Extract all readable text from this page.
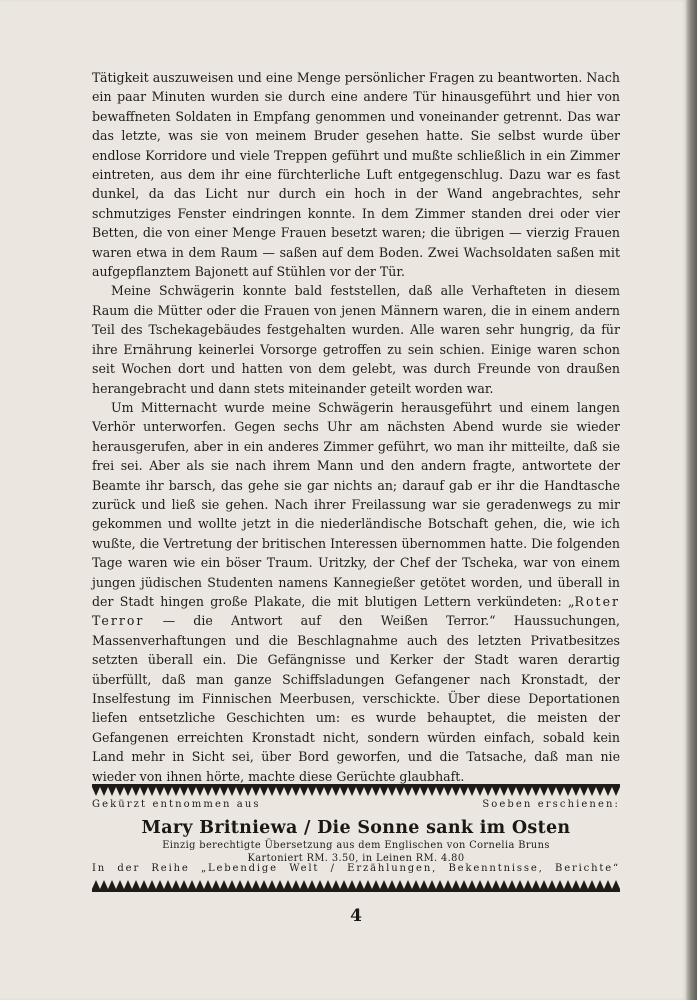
Tätigkeit auszuweisen und eine Menge persönlicher Fragen zu beantworten. Nach ein paar Minuten wurden sie durch eine andere Tür hinausgeführt und hier von bewaffneten Soldaten in Empfang genommen und voneinander getrennt. Das war das letzte, was sie von meinem Bruder gesehen hatte. Sie selbst wurde über endlose Korridore und viele Treppen geführt und mußte schließlich in ein Zimmer eintreten, aus dem ihr eine fürchterliche Luft entgegenschlug. Dazu war es fast dunkel, da das Licht nur durch ein hoch in der Wand angebrachtes, sehr schmutziges Fenster eindringen konnte. In dem Zimmer standen drei oder vier Betten, die von einer Menge Frauen besetzt waren; die übrigen — vierzig Frauen waren etwa in dem Raum — saßen auf dem Boden. Zwei Wachsoldaten saßen mit aufgepflanztem Bajonett auf Stühlen vor der Tür.

Meine Schwägerin konnte bald feststellen, daß alle Verhafteten in diesem Raum die Mütter oder die Frauen von jenen Männern waren, die in einem andern Teil des Tschekagebäudes festgehalten wurden. Alle waren sehr hungrig, da für ihre Ernährung keinerlei Vorsorge getroffen zu sein schien. Einige waren schon seit Wochen dort und hatten von dem gelebt, was durch Freunde von draußen herangebracht und dann stets miteinander geteilt worden war.

Um Mitternacht wurde meine Schwägerin herausgeführt und einem langen Verhör unterworfen. Gegen sechs Uhr am nächsten Abend wurde sie wieder herausgerufen, aber in ein anderes Zimmer geführt, wo man ihr mitteilte, daß sie frei sei. Aber als sie nach ihrem Mann und den andern fragte, antwortete der Beamte ihr barsch, das gehe sie gar nichts an; darauf gab er ihr die Handtasche zurück und ließ sie gehen. Nach ihrer Freilassung war sie geradenwegs zu mir gekommen und wollte jetzt in die niederländische Botschaft gehen, die, wie ich wußte, die Vertretung der britischen Interessen übernommen hatte. Die folgenden Tage waren wie ein böser Traum. Uritzky, der Chef der Tscheka, war von einem jungen jüdischen Studenten namens Kannegießer getötet worden, und überall in der Stadt hingen große Plakate, die mit blutigen Lettern verkündeten: „Roter Terror — die Antwort auf den Weißen Terror.“ Haussuchungen, Massenverhaftungen und die Beschlagnahme auch des letzten Privatbesitzes setzten überall ein. Die Gefängnisse und Kerker der Stadt waren derartig überfüllt, daß man ganze Schiffsladungen Gefangener nach Kronstadt, der Inselfestung im Finnischen Meerbusen, verschickte. Über diese Deportationen liefen entsetzliche Geschichten um: es wurde behauptet, die meisten der Gefangenen erreichten Kronstadt nicht, sondern würden einfach, sobald kein Land mehr in Sicht sei, über Bord geworfen, und die Tatsache, daß man nie wieder von ihnen hörte, machte diese Gerüchte glaubhaft.

Gekürzt entnommen aus	Soeben erschienen:
Mary Britniewa / Die Sonne sank im Osten
Einzig berechtigte Übersetzung aus dem Englischen von Cornelia Bruns
Kartoniert RM. 3.50, in Leinen RM. 4.80
In der Reihe „Lebendige Welt / Erzählungen, Bekenntnisse, Berichte“
4
